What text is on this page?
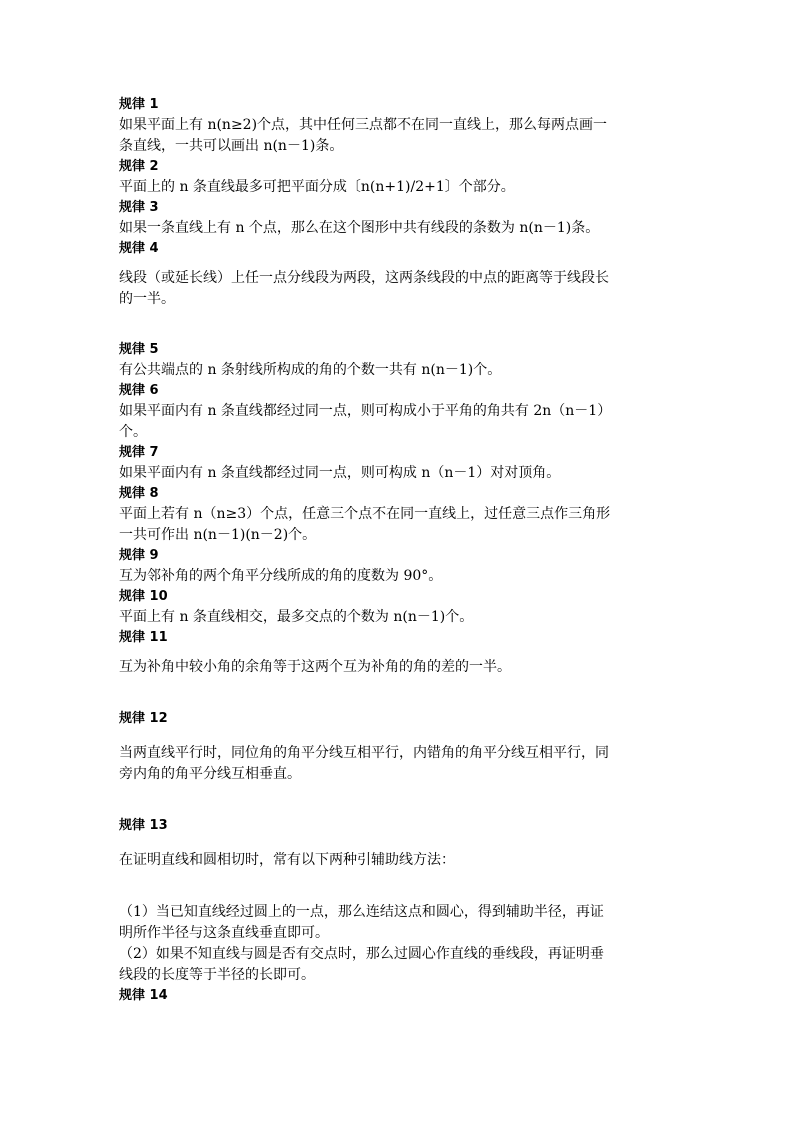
规律 1
如果平面上有 n(n≥2)个点，其中任何三点都不在同一直线上，那么每两点画一
条直线，一共可以画出 n(n－1)条。
规律 2
平面上的 n 条直线最多可把平面分成〔n(n+1)/2+1〕个部分。
规律 3
如果一条直线上有 n 个点，那么在这个图形中共有线段的条数为 n(n－1)条。
规律 4
线段（或延长线）上任一点分线段为两段，这两条线段的中点的距离等于线段长
的一半。
规律 5
有公共端点的 n 条射线所构成的角的个数一共有 n(n－1)个。
规律 6
如果平面内有 n 条直线都经过同一点，则可构成小于平角的角共有 2n（n－1）
个。
规律 7
如果平面内有 n 条直线都经过同一点，则可构成 n（n－1）对对顶角。
规律 8
平面上若有 n（n≥3）个点，任意三个点不在同一直线上，过任意三点作三角形
一共可作出 n(n－1)(n－2)个。
规律 9
互为邻补角的两个角平分线所成的角的度数为 90°。
规律 10
平面上有 n 条直线相交，最多交点的个数为 n(n－1)个。
规律 11
互为补角中较小角的余角等于这两个互为补角的角的差的一半。
规律 12
当两直线平行时，同位角的角平分线互相平行，内错角的角平分线互相平行，同
旁内角的角平分线互相垂直。
规律 13
在证明直线和圆相切时，常有以下两种引辅助线方法：
（1）当已知直线经过圆上的一点，那么连结这点和圆心，得到辅助半径，再证
明所作半径与这条直线垂直即可。
（2）如果不知直线与圆是否有交点时，那么过圆心作直线的垂线段，再证明垂
线段的长度等于半径的长即可。
规律 14
